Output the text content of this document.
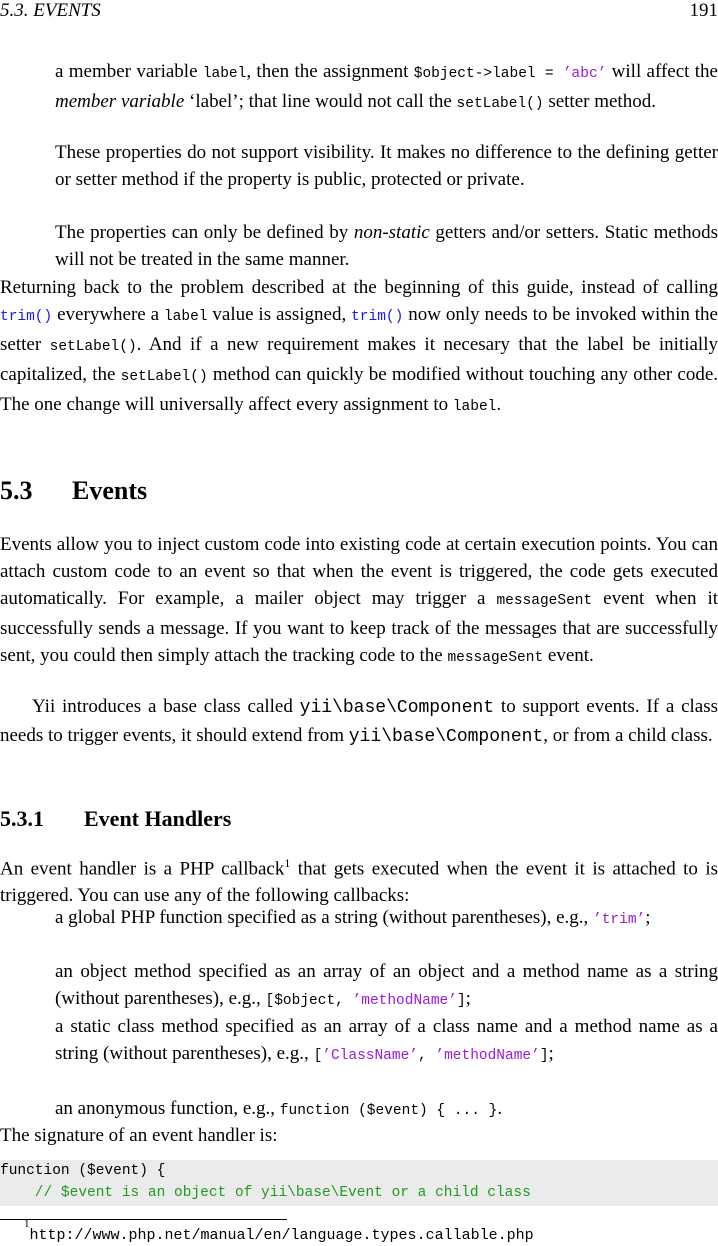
5.3. EVENTS	191
a member variable label, then the assignment $object->label = ’abc’ will affect the member variable ‘label’; that line would not call the setLabel() setter method.
These properties do not support visibility. It makes no difference to the defining getter or setter method if the property is public, protected or private.
The properties can only be defined by non-static getters and/or setters. Static methods will not be treated in the same manner.
Returning back to the problem described at the beginning of this guide, instead of calling trim() everywhere a label value is assigned, trim() now only needs to be invoked within the setter setLabel(). And if a new requirement makes it necesary that the label be initially capitalized, the setLabel() method can quickly be modified without touching any other code. The one change will universally affect every assignment to label.
5.3 Events
Events allow you to inject custom code into existing code at certain execution points. You can attach custom code to an event so that when the event is triggered, the code gets executed automatically. For example, a mailer object may trigger a messageSent event when it successfully sends a message. If you want to keep track of the messages that are successfully sent, you could then simply attach the tracking code to the messageSent event.
Yii introduces a base class called yii\base\Component to support events. If a class needs to trigger events, it should extend from yii\base\Component, or from a child class.
5.3.1 Event Handlers
An event handler is a PHP callback$^1$ that gets executed when the event it is attached to is triggered. You can use any of the following callbacks:
a global PHP function specified as a string (without parentheses), e.g., ’trim’;
an object method specified as an array of an object and a method name as a string (without parentheses), e.g., [$object, ’methodName’];
a static class method specified as an array of a class name and a method name as a string (without parentheses), e.g., [’ClassName’, ’methodName’];
an anonymous function, e.g., function ($event) { ... }.
The signature of an event handler is:
function ($event) {
// $event is an object of yii\base\Event or a child class
$^1$http://www.php.net/manual/en/language.types.callable.php
